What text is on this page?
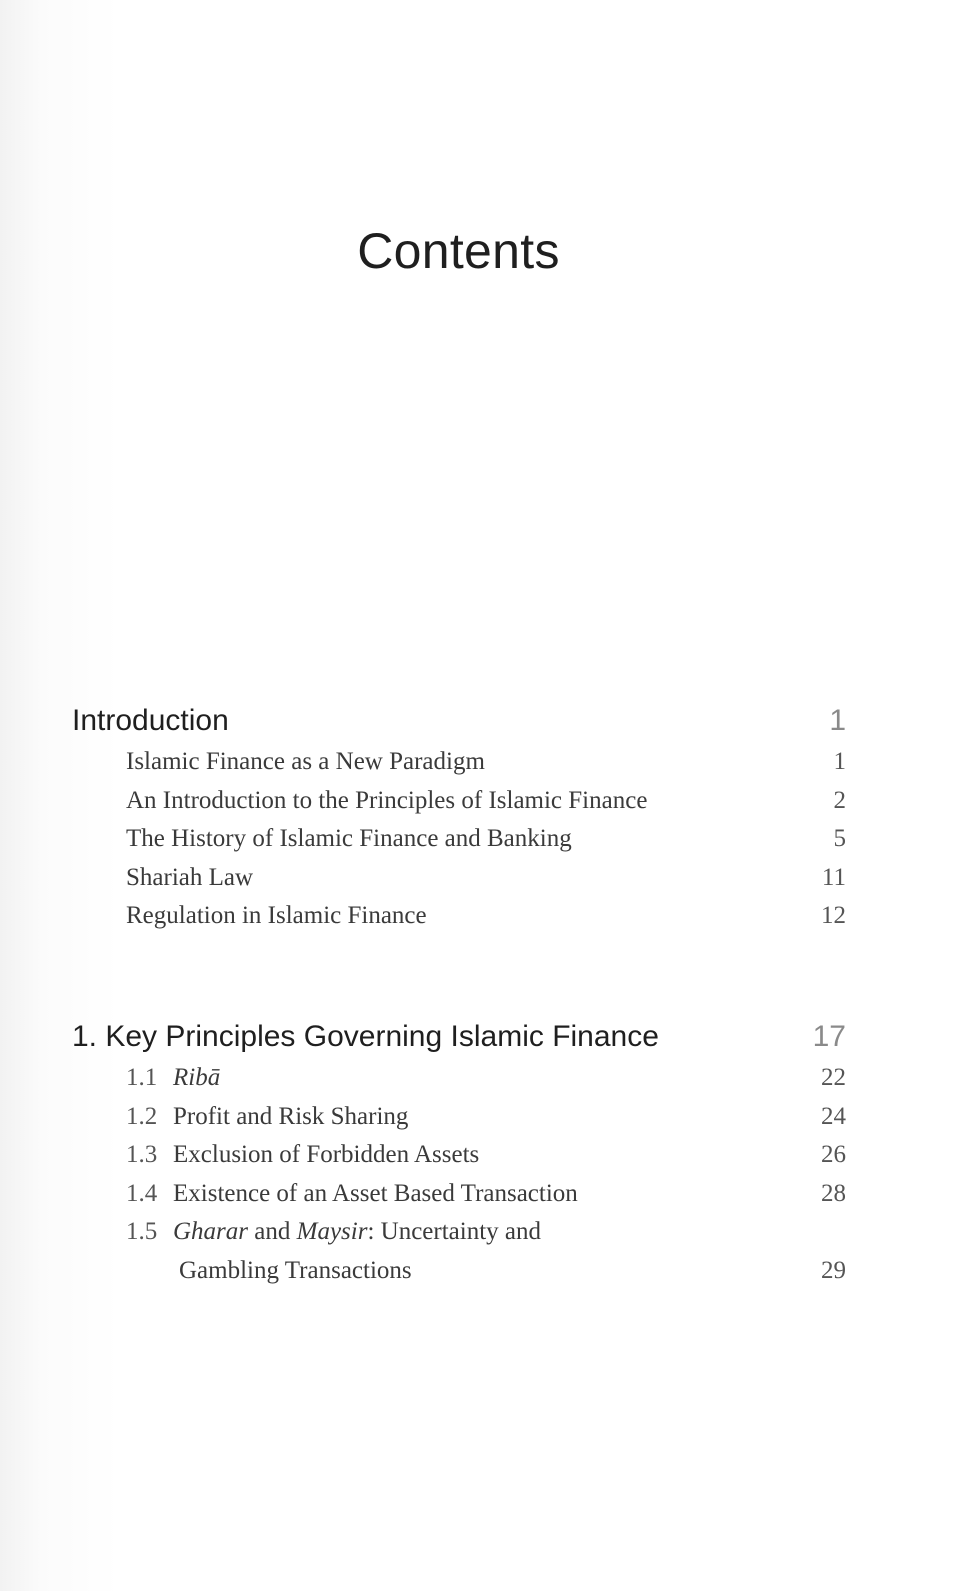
Contents
Introduction	1
Islamic Finance as a New Paradigm	1
An Introduction to the Principles of Islamic Finance	2
The History of Islamic Finance and Banking	5
Shariah Law	11
Regulation in Islamic Finance	12
1. Key Principles Governing Islamic Finance	17
1.1 Ribā	22
1.2 Profit and Risk Sharing	24
1.3 Exclusion of Forbidden Assets	26
1.4 Existence of an Asset Based Transaction	28
1.5 Gharar and Maysir: Uncertainty and
Gambling Transactions	29
